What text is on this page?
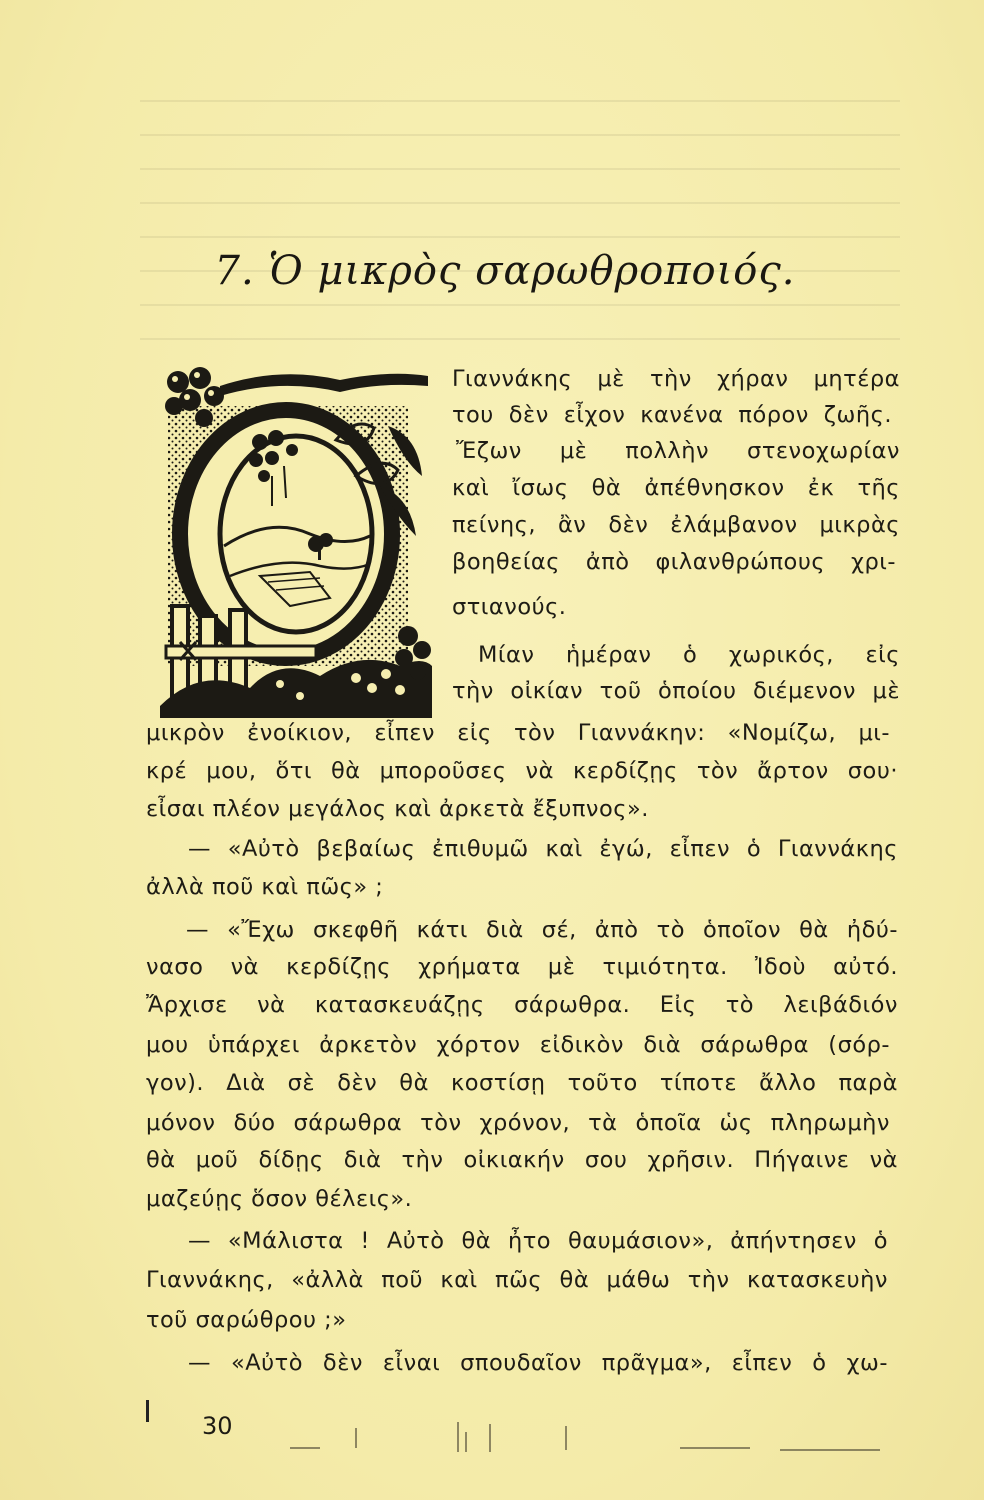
7. Ὁ μικρὸς σαρωθροποιός.
Γιαννάκης μὲ τὴν χήραν μητέρα
του δὲν εἶχον κανένα πόρον ζωῆς.
Ἔζων μὲ πολλὴν στενοχωρίαν
καὶ ἴσως θὰ ἀπέθνησκον ἐκ τῆς
πείνης, ἂν δὲν ἐλάμβανον μικρὰς
βοηθείας ἀπὸ φιλανθρώπους χρι-
στιανούς.
Μίαν ἡμέραν ὁ χωρικός, εἰς
τὴν οἰκίαν τοῦ ὁποίου διέμενον μὲ
μικρὸν ἐνοίκιον, εἶπεν εἰς τὸν Γιαννάκην: «Νομίζω, μι-
κρέ μου, ὅτι θὰ μποροῦσες νὰ κερδίζῃς τὸν ἄρτον σου·
εἶσαι πλέον μεγάλος καὶ ἀρκετὰ ἔξυπνος».
— «Αὐτὸ βεβαίως ἐπιθυμῶ καὶ ἐγώ, εἶπεν ὁ Γιαννάκης
ἀλλὰ ποῦ καὶ πῶς» ;
— «Ἔχω σκεφθῆ κάτι διὰ σέ, ἀπὸ τὸ ὁποῖον θὰ ἠδύ-
νασο νὰ κερδίζῃς χρήματα μὲ τιμιότητα. Ἰδοὺ αὐτό.
Ἄρχισε νὰ κατασκευάζῃς σάρωθρα. Εἰς τὸ λειβάδιόν
μου ὑπάρχει ἀρκετὸν χόρτον εἰδικὸν διὰ σάρωθρα (σόρ-
γον). Διὰ σὲ δὲν θὰ κοστίσῃ τοῦτο τίποτε ἄλλο παρὰ
μόνον δύο σάρωθρα τὸν χρόνον, τὰ ὁποῖα ὡς πληρωμὴν
θὰ μοῦ δίδῃς διὰ τὴν οἰκιακήν σου χρῆσιν. Πήγαινε νὰ
μαζεύῃς ὅσον θέλεις».
— «Μάλιστα ! Αὐτὸ θὰ ἦτο θαυμάσιον», ἀπήντησεν ὁ
Γιαννάκης, «ἀλλὰ ποῦ καὶ πῶς θὰ μάθω τὴν κατασκευὴν
τοῦ σαρώθρου ;»
— «Αὐτὸ δὲν εἶναι σπουδαῖον πρᾶγμα», εἶπεν ὁ χω-
30
